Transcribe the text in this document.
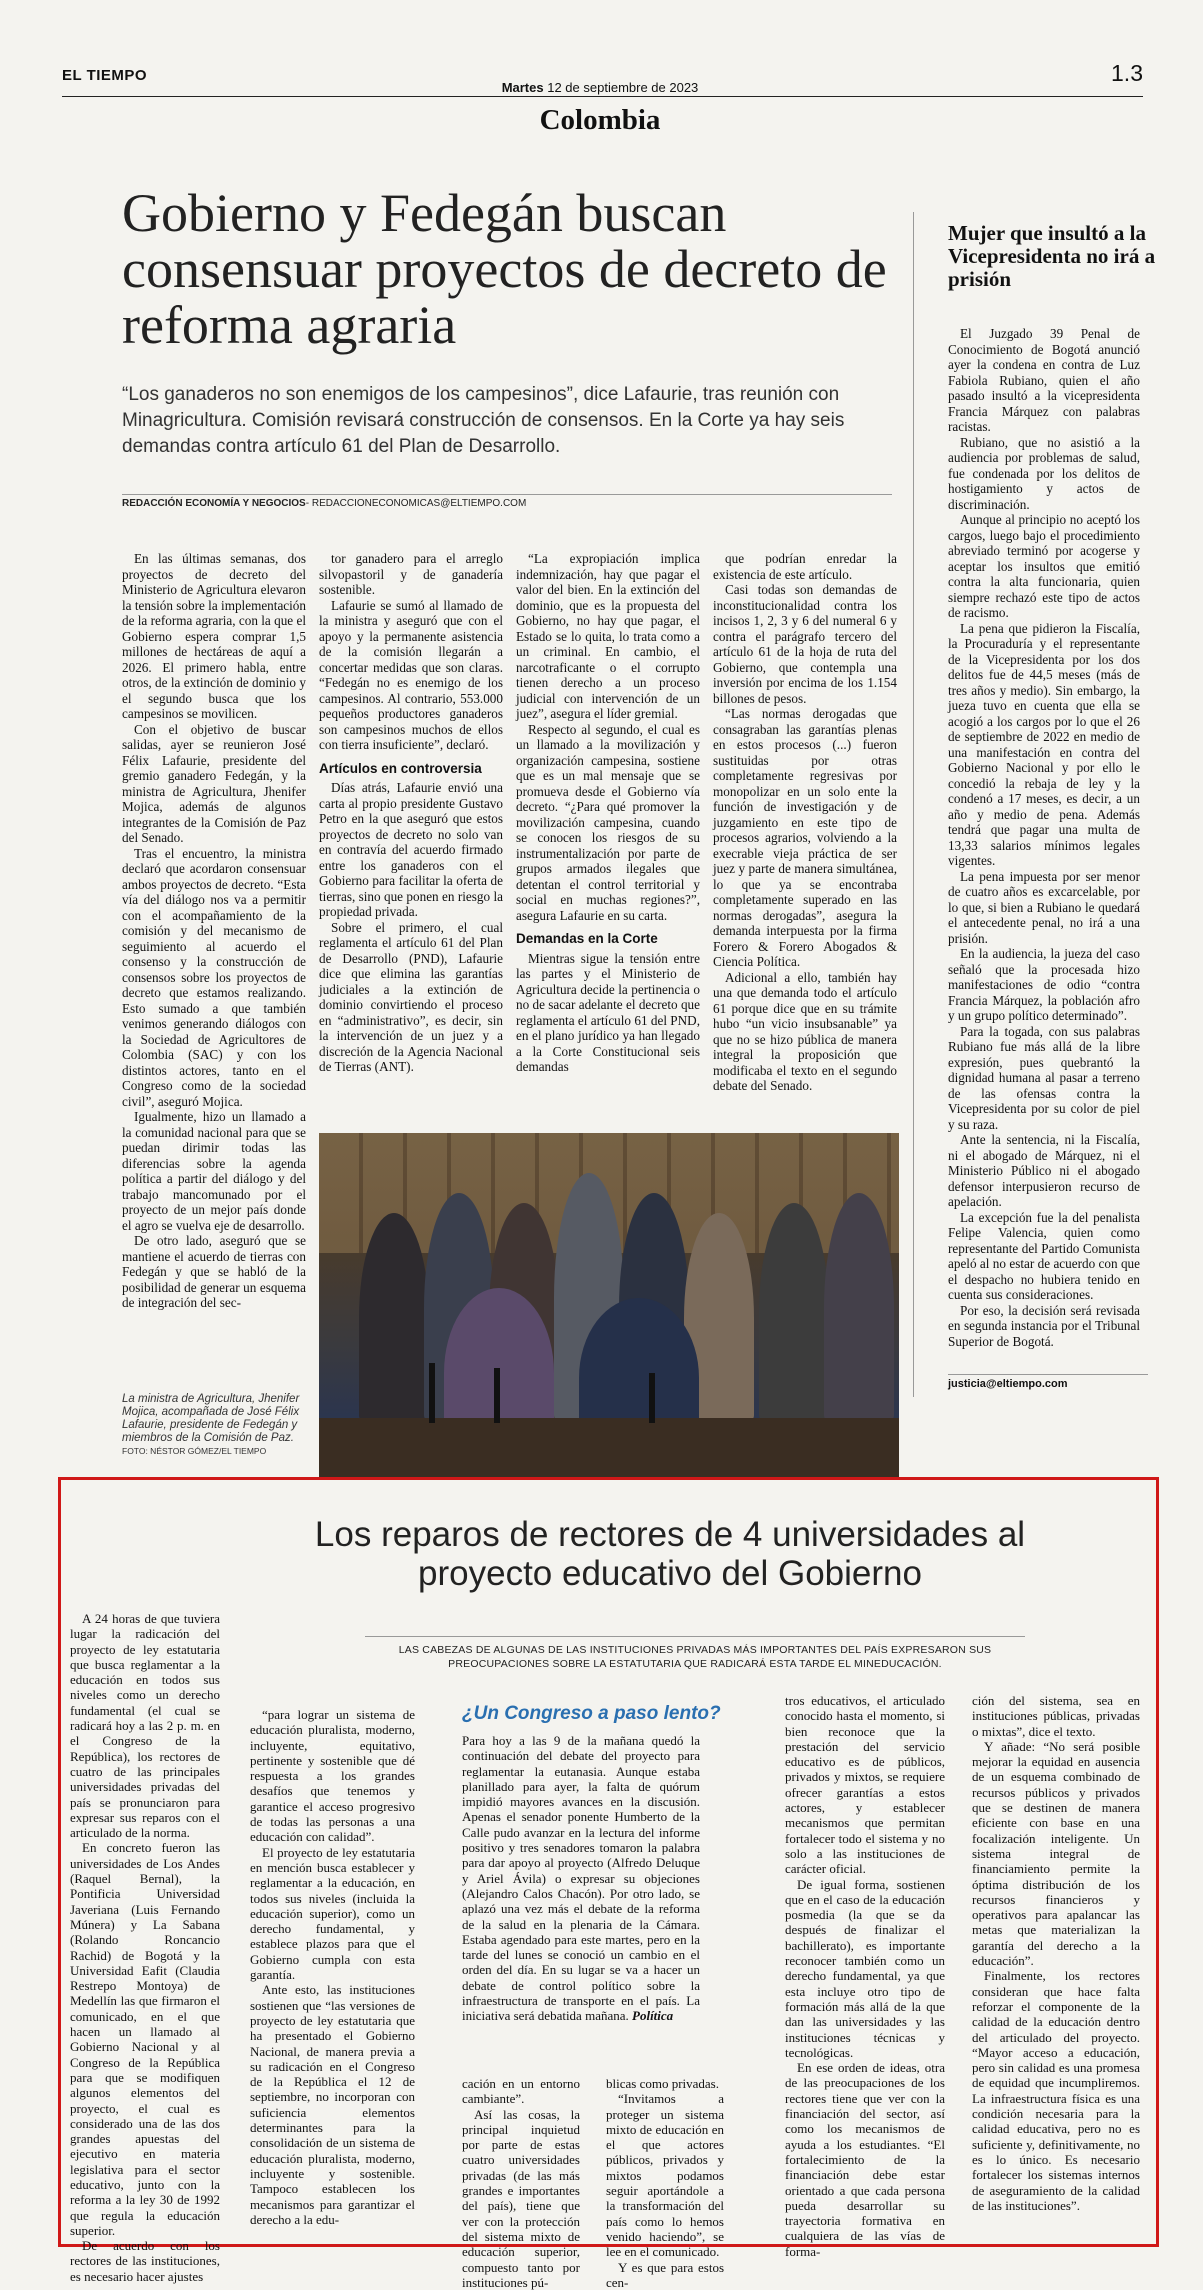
EL TIEMPO
Martes 12 de septiembre de 2023
1.3
Colombia
Gobierno y Fedegán buscan consensuar proyectos de decreto de reforma agraria
“Los ganaderos no son enemigos de los campesinos”, dice Lafaurie, tras reunión con Minagricultura. Comisión revisará construcción de consensos. En la Corte ya hay seis demandas contra artículo 61 del Plan de Desarrollo.
REDACCIÓN ECONOMÍA Y NEGOCIOS- REDACCIONECONOMICAS@ELTIEMPO.COM

En las últimas semanas, dos proyectos de decreto del Ministerio de Agricultura elevaron la tensión sobre la implementación de la reforma agraria, con la que el Gobierno espera comprar 1,5 millones de hectáreas de aquí a 2026. El primero habla, entre otros, de la extinción de dominio y el segundo busca que los campesinos se movilicen.

Con el objetivo de buscar salidas, ayer se reunieron José Félix Lafaurie, presidente del gremio ganadero Fedegán, y la ministra de Agricultura, Jhenifer Mojica, además de algunos integrantes de la Comisión de Paz del Senado.

Tras el encuentro, la ministra declaró que acordaron consensuar ambos proyectos de decreto. “Esta vía del diálogo nos va a permitir con el acompañamiento de la comisión y del mecanismo de seguimiento al acuerdo el consenso y la construcción de consensos sobre los proyectos de decreto que estamos realizando. Esto sumado a que también venimos generando diálogos con la Sociedad de Agricultores de Colombia (SAC) y con los distintos actores, tanto en el Congreso como de la sociedad civil”, aseguró Mojica.

Igualmente, hizo un llamado a la comunidad nacional para que se puedan dirimir todas las diferencias sobre la agenda política a partir del diálogo y del trabajo mancomunado por el proyecto de un mejor país donde el agro se vuelva eje de desarrollo.

De otro lado, aseguró que se mantiene el acuerdo de tierras con Fedegán y que se habló de la posibilidad de generar un esquema de integración del sec-

tor ganadero para el arreglo silvopastoril y de ganadería sostenible.

Lafaurie se sumó al llamado de la ministra y aseguró que con el apoyo y la permanente asistencia de la comisión llegarán a concertar medidas que son claras. “Fedegán no es enemigo de los campesinos. Al contrario, 553.000 pequeños productores ganaderos son campesinos muchos de ellos con tierra insuficiente”, declaró.

Artículos en controversia

Días atrás, Lafaurie envió una carta al propio presidente Gustavo Petro en la que aseguró que estos proyectos de decreto no solo van en contravía del acuerdo firmado entre los ganaderos con el Gobierno para facilitar la oferta de tierras, sino que ponen en riesgo la propiedad privada.

Sobre el primero, el cual reglamenta el artículo 61 del Plan de Desarrollo (PND), Lafaurie dice que elimina las garantías judiciales a la extinción de dominio convirtiendo el proceso en “administrativo”, es decir, sin la intervención de un juez y a discreción de la Agencia Nacional de Tierras (ANT).

“La expropiación implica indemnización, hay que pagar el valor del bien. En la extinción del dominio, que es la propuesta del Gobierno, no hay que pagar, el Estado se lo quita, lo trata como a un criminal. En cambio, el narcotraficante o el corrupto tienen derecho a un proceso judicial con intervención de un juez”, asegura el líder gremial.

Respecto al segundo, el cual es un llamado a la movilización y organización campesina, sostiene que es un mal mensaje que se promueva desde el Gobierno vía decreto. “¿Para qué promover la movilización campesina, cuando se conocen los riesgos de su instrumentalización por parte de grupos armados ilegales que detentan el control territorial y social en muchas regiones?”, asegura Lafaurie en su carta.

Demandas en la Corte

Mientras sigue la tensión entre las partes y el Ministerio de Agricultura decide la pertinencia o no de sacar adelante el decreto que reglamenta el artículo 61 del PND, en el plano jurídico ya han llegado a la Corte Constitucional seis demandas

que podrían enredar la existencia de este artículo.

Casi todas son demandas de inconstitucionalidad contra los incisos 1, 2, 3 y 6 del numeral 6 y contra el parágrafo tercero del artículo 61 de la hoja de ruta del Gobierno, que contempla una inversión por encima de los 1.154 billones de pesos.

“Las normas derogadas que consagraban las garantías plenas en estos procesos (...) fueron sustituidas por otras completamente regresivas por monopolizar en un solo ente la función de investigación y de juzgamiento en este tipo de procesos agrarios, volviendo a la execrable vieja práctica de ser juez y parte de manera simultánea, lo que ya se encontraba completamente superado en las normas derogadas”, asegura la demanda interpuesta por la firma Forero & Forero Abogados & Ciencia Política.

Adicional a ello, también hay una que demanda todo el artículo 61 porque dice que en su trámite hubo “un vicio insubsanable” ya que no se hizo pública de manera integral la proposición que modificaba el texto en el segundo debate del Senado.

La ministra de Agricultura, Jhenifer Mojica, acompañada de José Félix Lafaurie, presidente de Fedegán y miembros de la Comisión de Paz. FOTO: NÉSTOR GÓMEZ/EL TIEMPO
Mujer que insultó a la Vicepresidenta no irá a prisión

El Juzgado 39 Penal de Conocimiento de Bogotá anunció ayer la condena en contra de Luz Fabiola Rubiano, quien el año pasado insultó a la vicepresidenta Francia Márquez con palabras racistas.

Rubiano, que no asistió a la audiencia por problemas de salud, fue condenada por los delitos de hostigamiento y actos de discriminación.

Aunque al principio no aceptó los cargos, luego bajo el procedimiento abreviado terminó por acogerse y aceptar los insultos que emitió contra la alta funcionaria, quien siempre rechazó este tipo de actos de racismo.

La pena que pidieron la Fiscalía, la Procuraduría y el representante de la Vicepresidenta por los dos delitos fue de 44,5 meses (más de tres años y medio). Sin embargo, la jueza tuvo en cuenta que ella se acogió a los cargos por lo que el 26 de septiembre de 2022 en medio de una manifestación en contra del Gobierno Nacional y por ello le concedió la rebaja de ley y la condenó a 17 meses, es decir, a un año y medio de pena. Además tendrá que pagar una multa de 13,33 salarios mínimos legales vigentes.

La pena impuesta por ser menor de cuatro años es excarcelable, por lo que, si bien a Rubiano le quedará el antecedente penal, no irá a una prisión.

En la audiencia, la jueza del caso señaló que la procesada hizo manifestaciones de odio “contra Francia Márquez, la población afro y un grupo político determinado”.

Para la togada, con sus palabras Rubiano fue más allá de la libre expresión, pues quebrantó la dignidad humana al pasar a terreno de las ofensas contra la Vicepresidenta por su color de piel y su raza.

Ante la sentencia, ni la Fiscalía, ni el abogado de Márquez, ni el Ministerio Público ni el abogado defensor interpusieron recurso de apelación.

La excepción fue la del penalista Felipe Valencia, quien como representante del Partido Comunista apeló al no estar de acuerdo con que el despacho no hubiera tenido en cuenta sus consideraciones.

Por eso, la decisión será revisada en segunda instancia por el Tribunal Superior de Bogotá.

justicia@eltiempo.com
Los reparos de rectores de 4 universidades al proyecto educativo del Gobierno
LAS CABEZAS DE ALGUNAS DE LAS INSTITUCIONES PRIVADAS MÁS IMPORTANTES DEL PAÍS EXPRESARON SUS PREOCUPACIONES SOBRE LA ESTATUTARIA QUE RADICARÁ ESTA TARDE EL MINEDUCACIÓN.

A 24 horas de que tuviera lugar la radicación del proyecto de ley estatutaria que busca reglamentar a la educación en todos sus niveles como un derecho fundamental (el cual se radicará hoy a las 2 p. m. en el Congreso de la República), los rectores de cuatro de las principales universidades privadas del país se pronunciaron para expresar sus reparos con el articulado de la norma.

En concreto fueron las universidades de Los Andes (Raquel Bernal), la Pontificia Universidad Javeriana (Luis Fernando Múnera) y La Sabana (Rolando Roncancio Rachid) de Bogotá y la Universidad Eafit (Claudia Restrepo Montoya) de Medellín las que firmaron el comunicado, en el que hacen un llamado al Gobierno Nacional y al Congreso de la República para que se modifiquen algunos elementos del proyecto, el cual es considerado una de las dos grandes apuestas del ejecutivo en materia legislativa para el sector educativo, junto con la reforma a la ley 30 de 1992 que regula la educación superior.

De acuerdo con los rectores de las instituciones, es necesario hacer ajustes

“para lograr un sistema de educación pluralista, moderno, incluyente, equitativo, pertinente y sostenible que dé respuesta a los grandes desafíos que tenemos y garantice el acceso progresivo de todas las personas a una educación con calidad”.

El proyecto de ley estatutaria en mención busca establecer y reglamentar a la educación, en todos sus niveles (incluida la educación superior), como un derecho fundamental, y establece plazos para que el Gobierno cumpla con esta garantía.

Ante esto, las instituciones sostienen que “las versiones de proyecto de ley estatutaria que ha presentado el Gobierno Nacional, de manera previa a su radicación en el Congreso de la República el 12 de septiembre, no incorporan con suficiencia elementos determinantes para la consolidación de un sistema de educación pluralista, moderno, incluyente y sostenible. Tampoco establecen los mecanismos para garantizar el derecho a la edu-

¿Un Congreso a paso lento?

Para hoy a las 9 de la mañana quedó la continuación del debate del proyecto para reglamentar la eutanasia. Aunque estaba planillado para ayer, la falta de quórum impidió mayores avances en la discusión. Apenas el senador ponente Humberto de la Calle pudo avanzar en la lectura del informe positivo y tres senadores tomaron la palabra para dar apoyo al proyecto (Alfredo Deluque y Ariel Ávila) o expresar su objeciones (Alejandro Calos Chacón). Por otro lado, se aplazó una vez más el debate de la reforma de la salud en la plenaria de la Cámara. Estaba agendado para este martes, pero en la tarde del lunes se conoció un cambio en el orden del día. En su lugar se va a hacer un debate de control político sobre la infraestructura de transporte en el país. La iniciativa será debatida mañana. Política

cación en un entorno cambiante”.

Así las cosas, la principal inquietud por parte de estas cuatro universidades privadas (de las más grandes e importantes del país), tiene que ver con la protección del sistema mixto de educación superior, compuesto tanto por instituciones pú-

blicas como privadas.

“Invitamos a proteger un sistema mixto de educación en el que actores públicos, privados y mixtos podamos seguir aportándole a la transformación del país como lo hemos venido haciendo”, se lee en el comunicado.

Y es que para estos cen-

tros educativos, el articulado conocido hasta el momento, si bien reconoce que la prestación del servicio educativo es de públicos, privados y mixtos, se requiere ofrecer garantías a estos actores, y establecer mecanismos que permitan fortalecer todo el sistema y no solo a las instituciones de carácter oficial.

De igual forma, sostienen que en el caso de la educación posmedia (la que se da después de finalizar el bachillerato), es importante reconocer también como un derecho fundamental, ya que esta incluye otro tipo de formación más allá de la que dan las universidades y las instituciones técnicas y tecnológicas.

En ese orden de ideas, otra de las preocupaciones de los rectores tiene que ver con la financiación del sector, así como los mecanismos de ayuda a los estudiantes. “El fortalecimiento de la financiación debe estar orientado a que cada persona pueda desarrollar su trayectoria formativa en cualquiera de las vías de forma-

ción del sistema, sea en instituciones públicas, privadas o mixtas”, dice el texto.

Y añade: “No será posible mejorar la equidad en ausencia de un esquema combinado de recursos públicos y privados que se destinen de manera eficiente con base en una focalización inteligente. Un sistema integral de financiamiento permite la óptima distribución de los recursos financieros y operativos para apalancar las metas que materializan la garantía del derecho a la educación”.

Finalmente, los rectores consideran que hace falta reforzar el componente de la calidad de la educación dentro del articulado del proyecto. “Mayor acceso a educación, pero sin calidad es una promesa de equidad que incumpliremos. La infraestructura física es una condición necesaria para la calidad educativa, pero no es suficiente y, definitivamente, no es lo único. Es necesario fortalecer los sistemas internos de aseguramiento de la calidad de las instituciones”.
